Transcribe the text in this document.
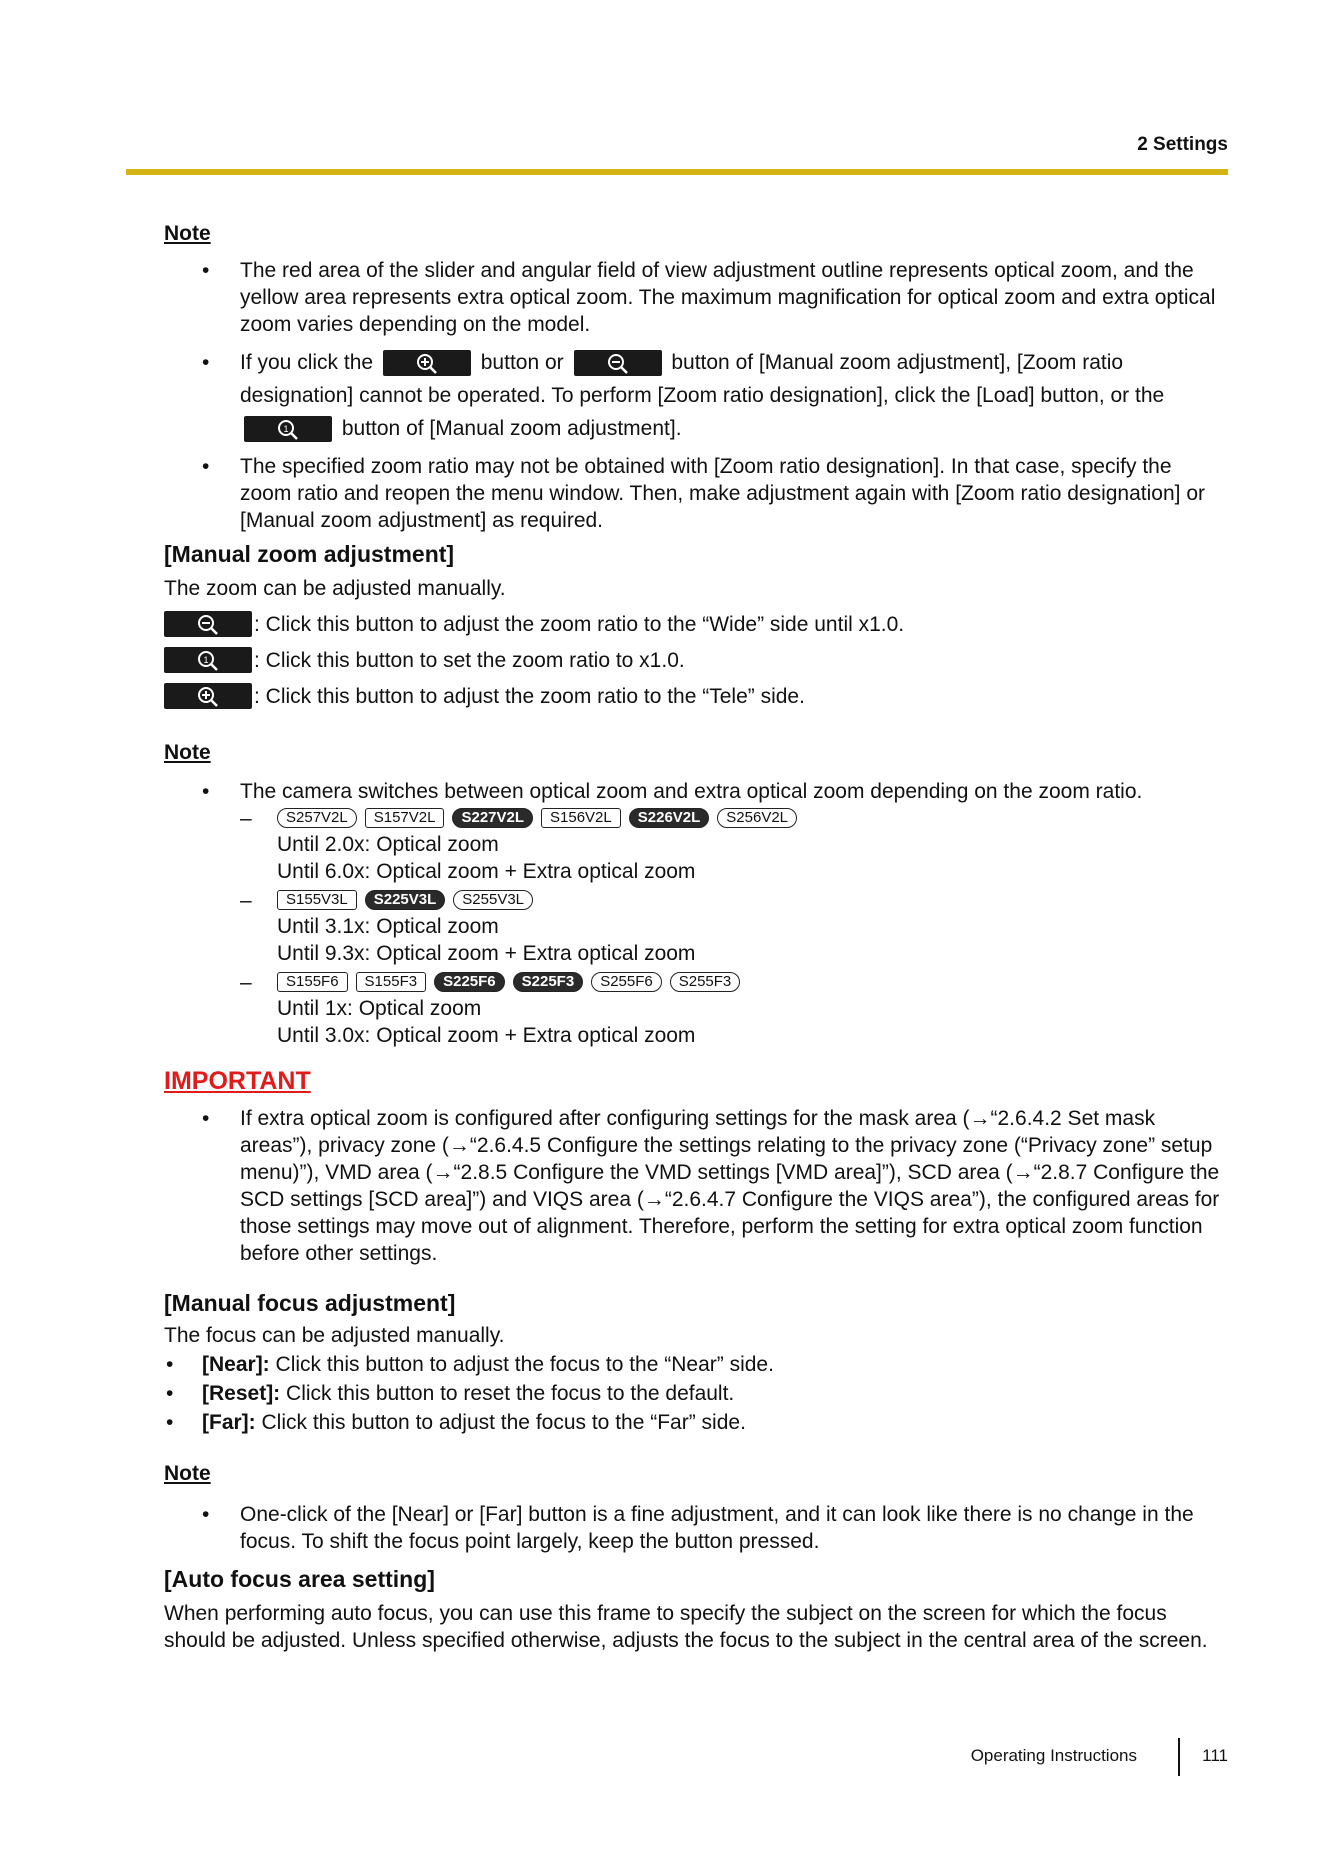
2 Settings

Note

• The red area of the slider and angular field of view adjustment outline represents optical zoom, and the yellow area represents extra optical zoom. The maximum magnification for optical zoom and extra optical zoom varies depending on the model.
• If you click the	button or	button of [Manual zoom adjustment], [Zoom ratio designation] cannot be operated. To perform [Zoom ratio designation], click the [Load] button, or the
1	button of [Manual zoom adjustment].
• The specified zoom ratio may not be obtained with [Zoom ratio designation]. In that case, specify the zoom ratio and reopen the menu window. Then, make adjustment again with [Zoom ratio designation] or [Manual zoom adjustment] as required.
[Manual zoom adjustment]
The zoom can be adjusted manually.
: Click this button to adjust the zoom ratio to the “Wide” side until x1.0.
1 : Click this button to set the zoom ratio to x1.0.
: Click this button to adjust the zoom ratio to the “Tele” side.

Note

• The camera switches between optical zoom and extra optical zoom depending on the zoom ratio.
–	S257V2L	S157V2L	S227V2L	S156V2L	S226V2L	S256V2L
Until 2.0x: Optical zoom
Until 6.0x: Optical zoom + Extra optical zoom
–	S155V3L	S225V3L	S255V3L
Until 3.1x: Optical zoom
Until 9.3x: Optical zoom + Extra optical zoom
–	S155F6	S155F3	S225F6	S225F3	S255F6	S255F3
Until 1x: Optical zoom
Until 3.0x: Optical zoom + Extra optical zoom
IMPORTANT
• If extra optical zoom is configured after configuring settings for the mask area (→“2.6.4.2 Set mask areas”), privacy zone (→“2.6.4.5 Configure the settings relating to the privacy zone (“Privacy zone” setup menu)”), VMD area (→“2.8.5 Configure the VMD settings [VMD area]”), SCD area (→“2.8.7 Configure the SCD settings [SCD area]”) and VIQS area (→“2.6.4.7 Configure the VIQS area”), the configured areas for those settings may move out of alignment. Therefore, perform the setting for extra optical zoom function before other settings.
[Manual focus adjustment]
The focus can be adjusted manually.
• [Near]: Click this button to adjust the focus to the “Near” side.
• [Reset]: Click this button to reset the focus to the default.
• [Far]: Click this button to adjust the focus to the “Far” side.

Note

• One-click of the [Near] or [Far] button is a fine adjustment, and it can look like there is no change in the focus. To shift the focus point largely, keep the button pressed.
[Auto focus area setting]
When performing auto focus, you can use this frame to specify the subject on the screen for which the focus should be adjusted. Unless specified otherwise, adjusts the focus to the subject in the central area of the screen.
Operating Instructions	111
